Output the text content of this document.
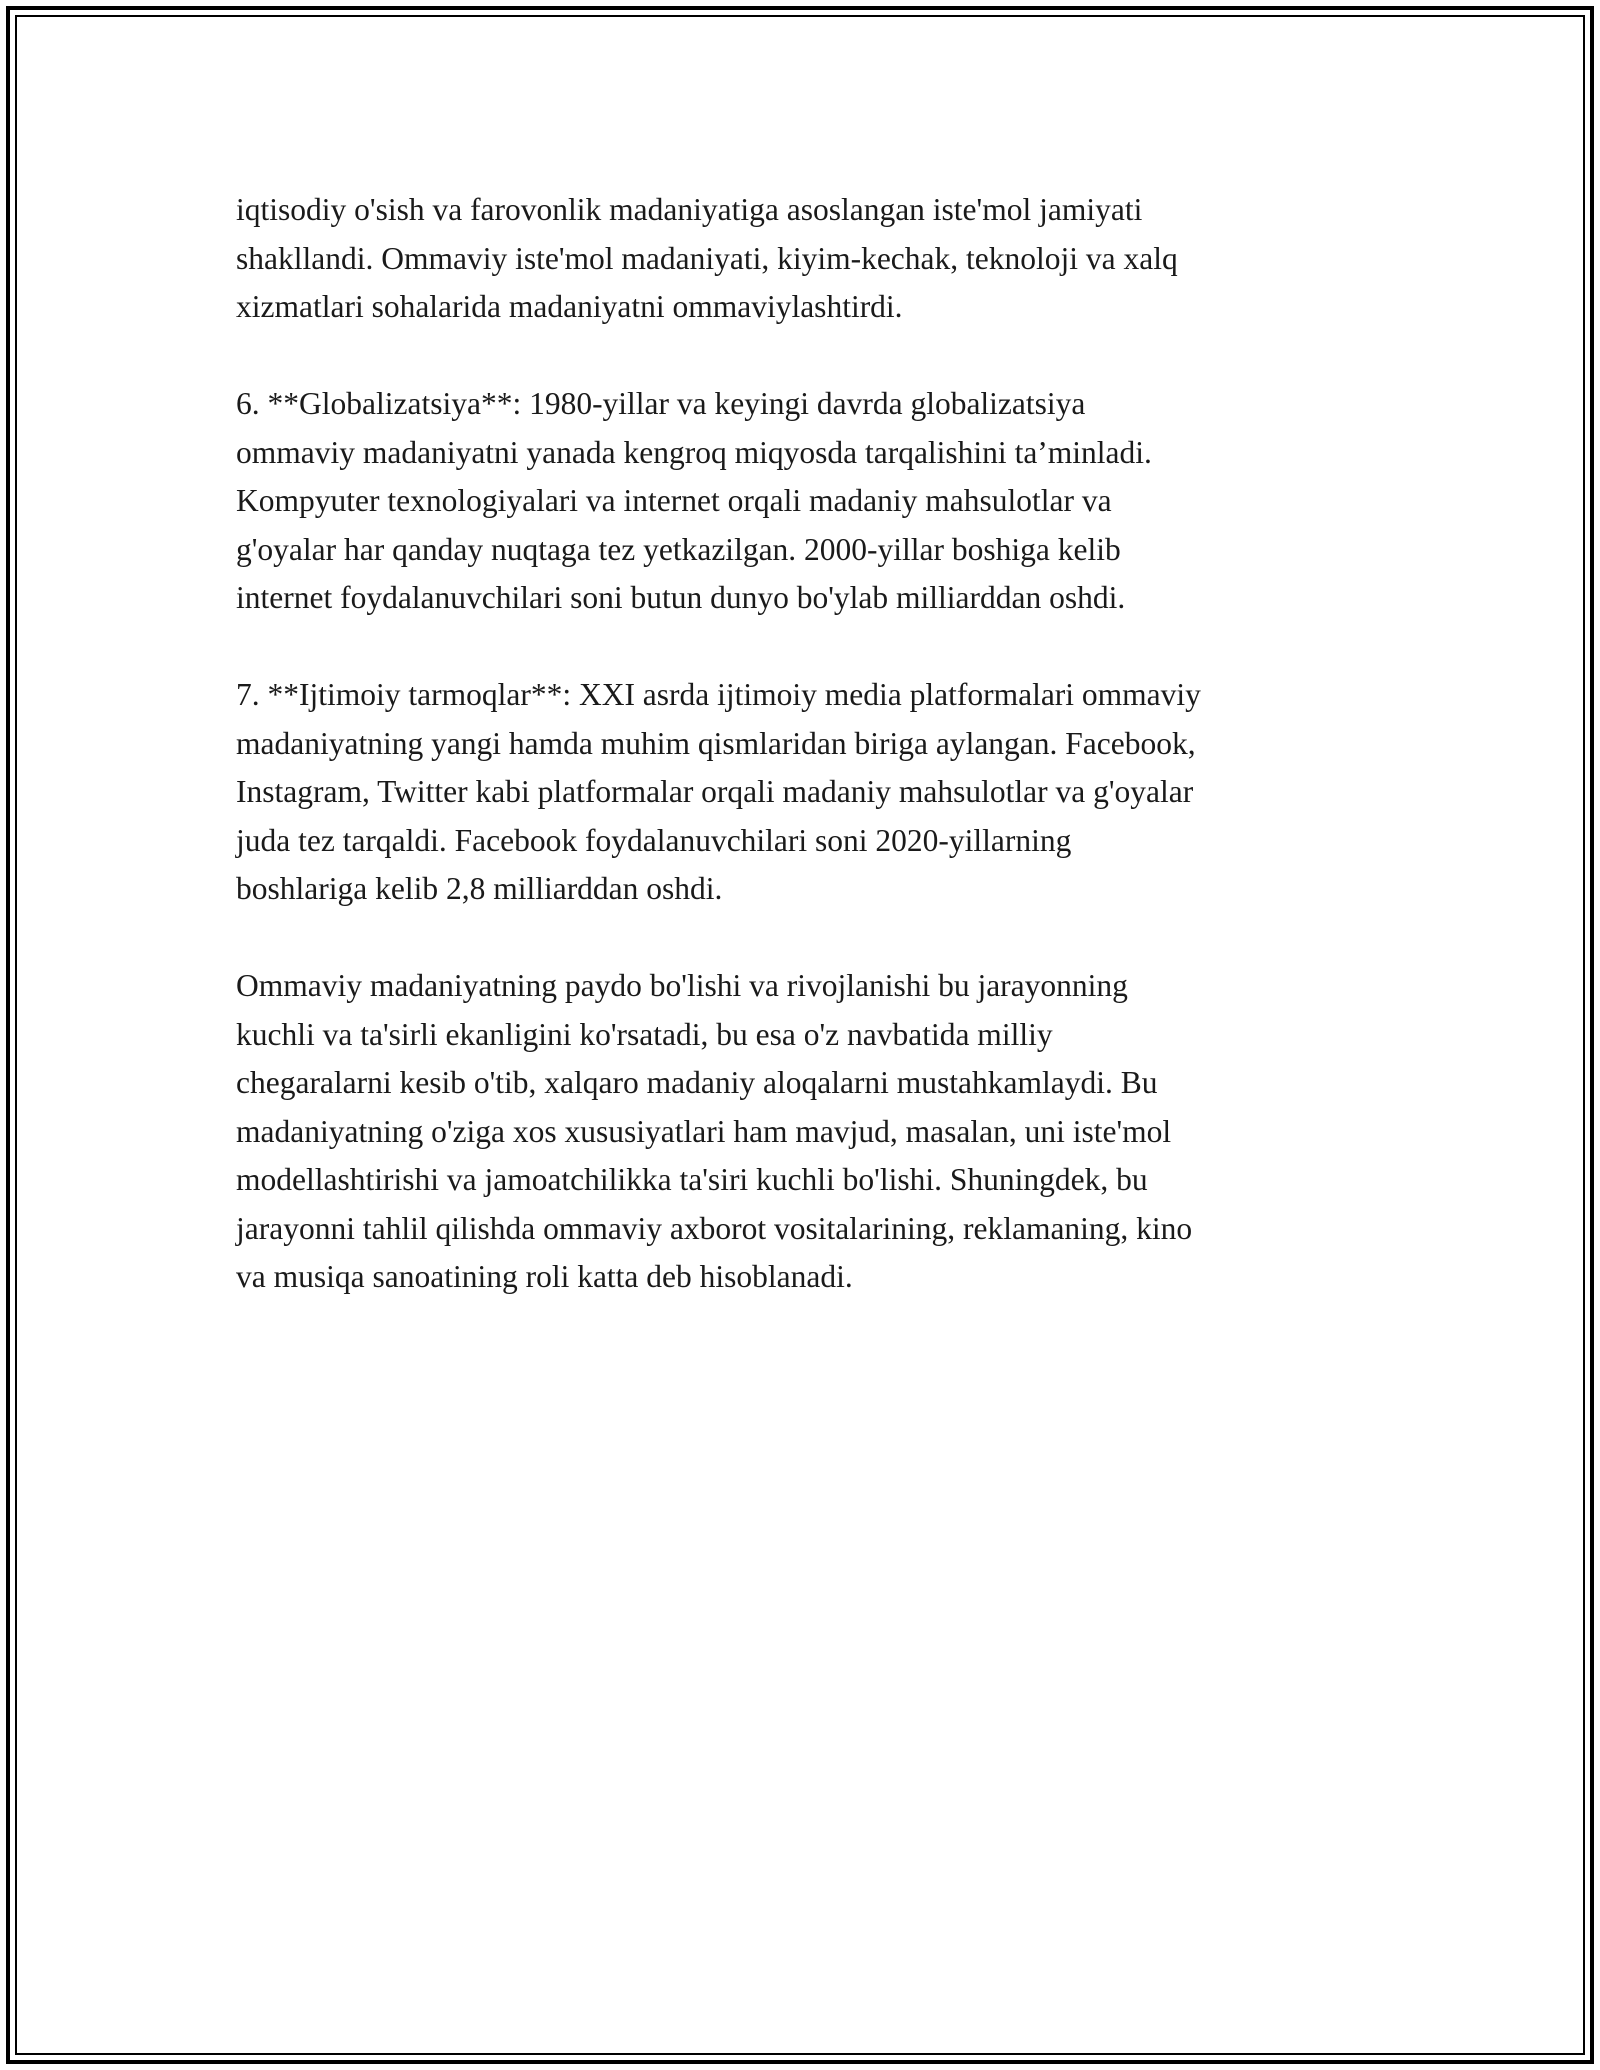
iqtisodiy o'sish va farovonlik madaniyatiga asoslangan iste'mol jamiyati
shakllandi. Ommaviy iste'mol madaniyati, kiyim-kechak, teknoloji va xalq
xizmatlari sohalarida madaniyatni ommaviylashtirdi.

6. **Globalizatsiya**: 1980-yillar va keyingi davrda globalizatsiya
ommaviy madaniyatni yanada kengroq miqyosda tarqalishini ta’minladi.
Kompyuter texnologiyalari va internet orqali madaniy mahsulotlar va
g'oyalar har qanday nuqtaga tez yetkazilgan. 2000-yillar boshiga kelib
internet foydalanuvchilari soni butun dunyo bo'ylab milliarddan oshdi.

7. **Ijtimoiy tarmoqlar**: XXI asrda ijtimoiy media platformalari ommaviy
madaniyatning yangi hamda muhim qismlaridan biriga aylangan. Facebook,
Instagram, Twitter kabi platformalar orqali madaniy mahsulotlar va g'oyalar
juda tez tarqaldi. Facebook foydalanuvchilari soni 2020-yillarning
boshlariga kelib 2,8 milliarddan oshdi.

Ommaviy madaniyatning paydo bo'lishi va rivojlanishi bu jarayonning
kuchli va ta'sirli ekanligini ko'rsatadi, bu esa o'z navbatida milliy
chegaralarni kesib o'tib, xalqaro madaniy aloqalarni mustahkamlaydi. Bu
madaniyatning o'ziga xos xususiyatlari ham mavjud, masalan, uni iste'mol
modellashtirishi va jamoatchilikka ta'siri kuchli bo'lishi. Shuningdek, bu
jarayonni tahlil qilishda ommaviy axborot vositalarining, reklamaning, kino
va musiqa sanoatining roli katta deb hisoblanadi.
